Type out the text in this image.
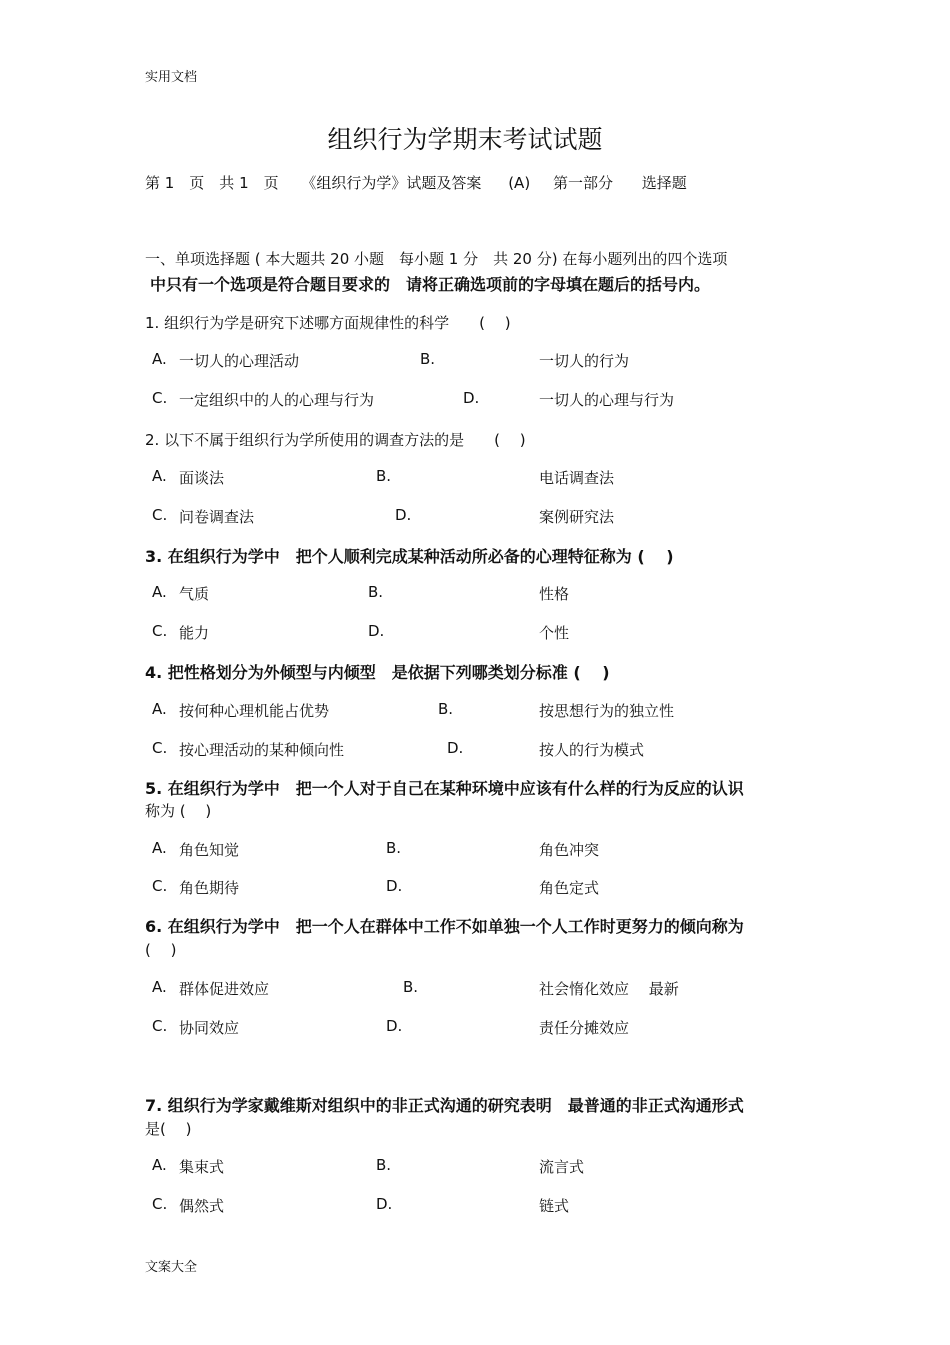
实用文档
组织行为学期末考试试题
第 1　页　共 1　页 《组织行为学》试题及答案 (A) 第一部分 选择题
一、单项选择题 ( 本大题共 20 小题　每小题 1 分　共 20 分) 在每小题列出的四个选项
中只有一个选项是符合题目要求的　请将正确选项前的字母填在题后的括号内。
1. 组织行为学是研究下述哪方面规律性的科学　　(　 )
A. 一切人的心理活动	B.	一切人的行为
C. 一定组织中的人的心理与行为	D.	一切人的心理与行为
2. 以下不属于组织行为学所使用的调查方法的是　　(　 )
A. 面谈法	B.	电话调查法
C. 问卷调查法	D.	案例研究法
3. 在组织行为学中　把个人顺利完成某种活动所必备的心理特征称为 (　 )
A. 气质	B.	性格
C. 能力	D.	个性
4. 把性格划分为外倾型与内倾型　是依据下列哪类划分标准 (　 )
A. 按何种心理机能占优势	B.	按思想行为的独立性
C. 按心理活动的某种倾向性	D.	按人的行为模式
5. 在组织行为学中　把一个人对于自己在某种环境中应该有什么样的行为反应的认识
称为 (　 )
A. 角色知觉	B.	角色冲突
C. 角色期待	D.	角色定式
6. 在组织行为学中　把一个人在群体中工作不如单独一个人工作时更努力的倾向称为
(　 )
A. 群体促进效应	B.	社会惰化效应　 最新
C. 协同效应	D.	责任分摊效应
7. 组织行为学家戴维斯对组织中的非正式沟通的研究表明　最普通的非正式沟通形式
是(　 )
A. 集束式	B.	流言式
C. 偶然式	D.	链式
文案大全
